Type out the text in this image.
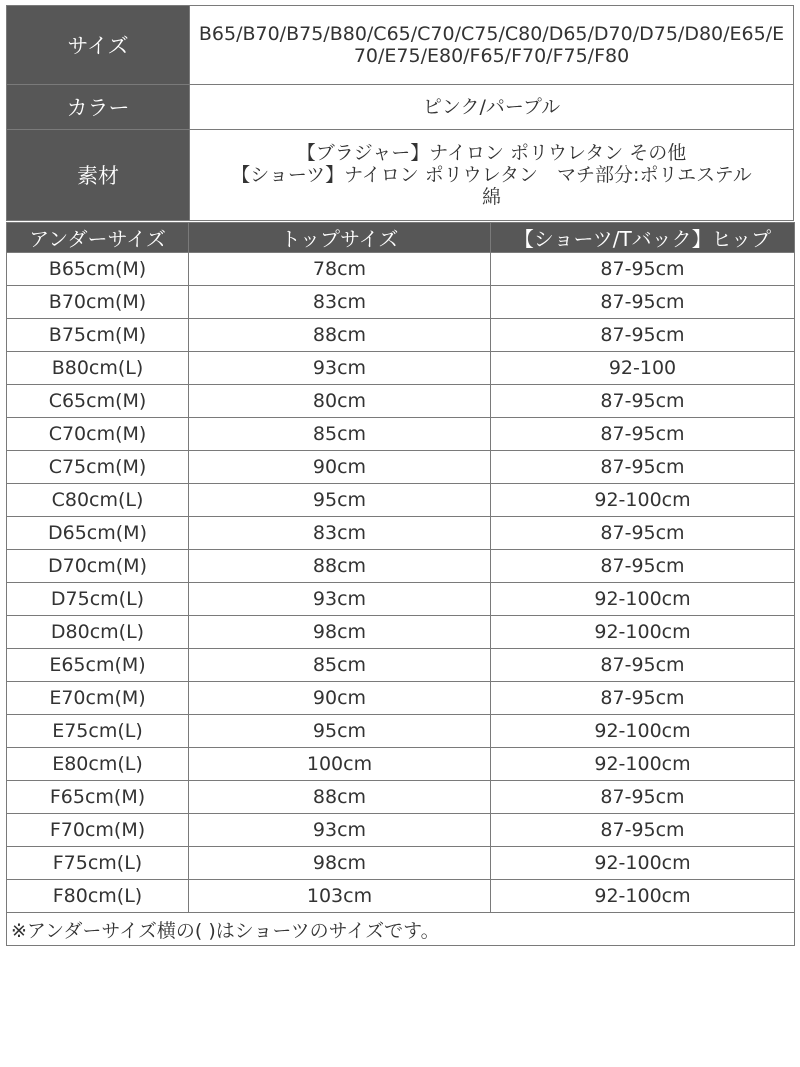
サイズ	B65/B70/B75/B80/C65/C70/C75/C80/D65/D70/D75/D80/E65/E70/E75/E80/F65/F70/F75/F80
カラー	ピンク/パープル
素材	【ブラジャー】ナイロン ポリウレタン その他
【ショーツ】ナイロン ポリウレタン　マチ部分:ポリエステル
綿
アンダーサイズ	トップサイズ	【ショーツ/Tバック】ヒップ
B65cm(M)	78cm	87-95cm
B70cm(M)	83cm	87-95cm
B75cm(M)	88cm	87-95cm
B80cm(L)	93cm	92-100
C65cm(M)	80cm	87-95cm
C70cm(M)	85cm	87-95cm
C75cm(M)	90cm	87-95cm
C80cm(L)	95cm	92-100cm
D65cm(M)	83cm	87-95cm
D70cm(M)	88cm	87-95cm
D75cm(L)	93cm	92-100cm
D80cm(L)	98cm	92-100cm
E65cm(M)	85cm	87-95cm
E70cm(M)	90cm	87-95cm
E75cm(L)	95cm	92-100cm
E80cm(L)	100cm	92-100cm
F65cm(M)	88cm	87-95cm
F70cm(M)	93cm	87-95cm
F75cm(L)	98cm	92-100cm
F80cm(L)	103cm	92-100cm
※アンダーサイズ横の( )はショーツのサイズです。		
